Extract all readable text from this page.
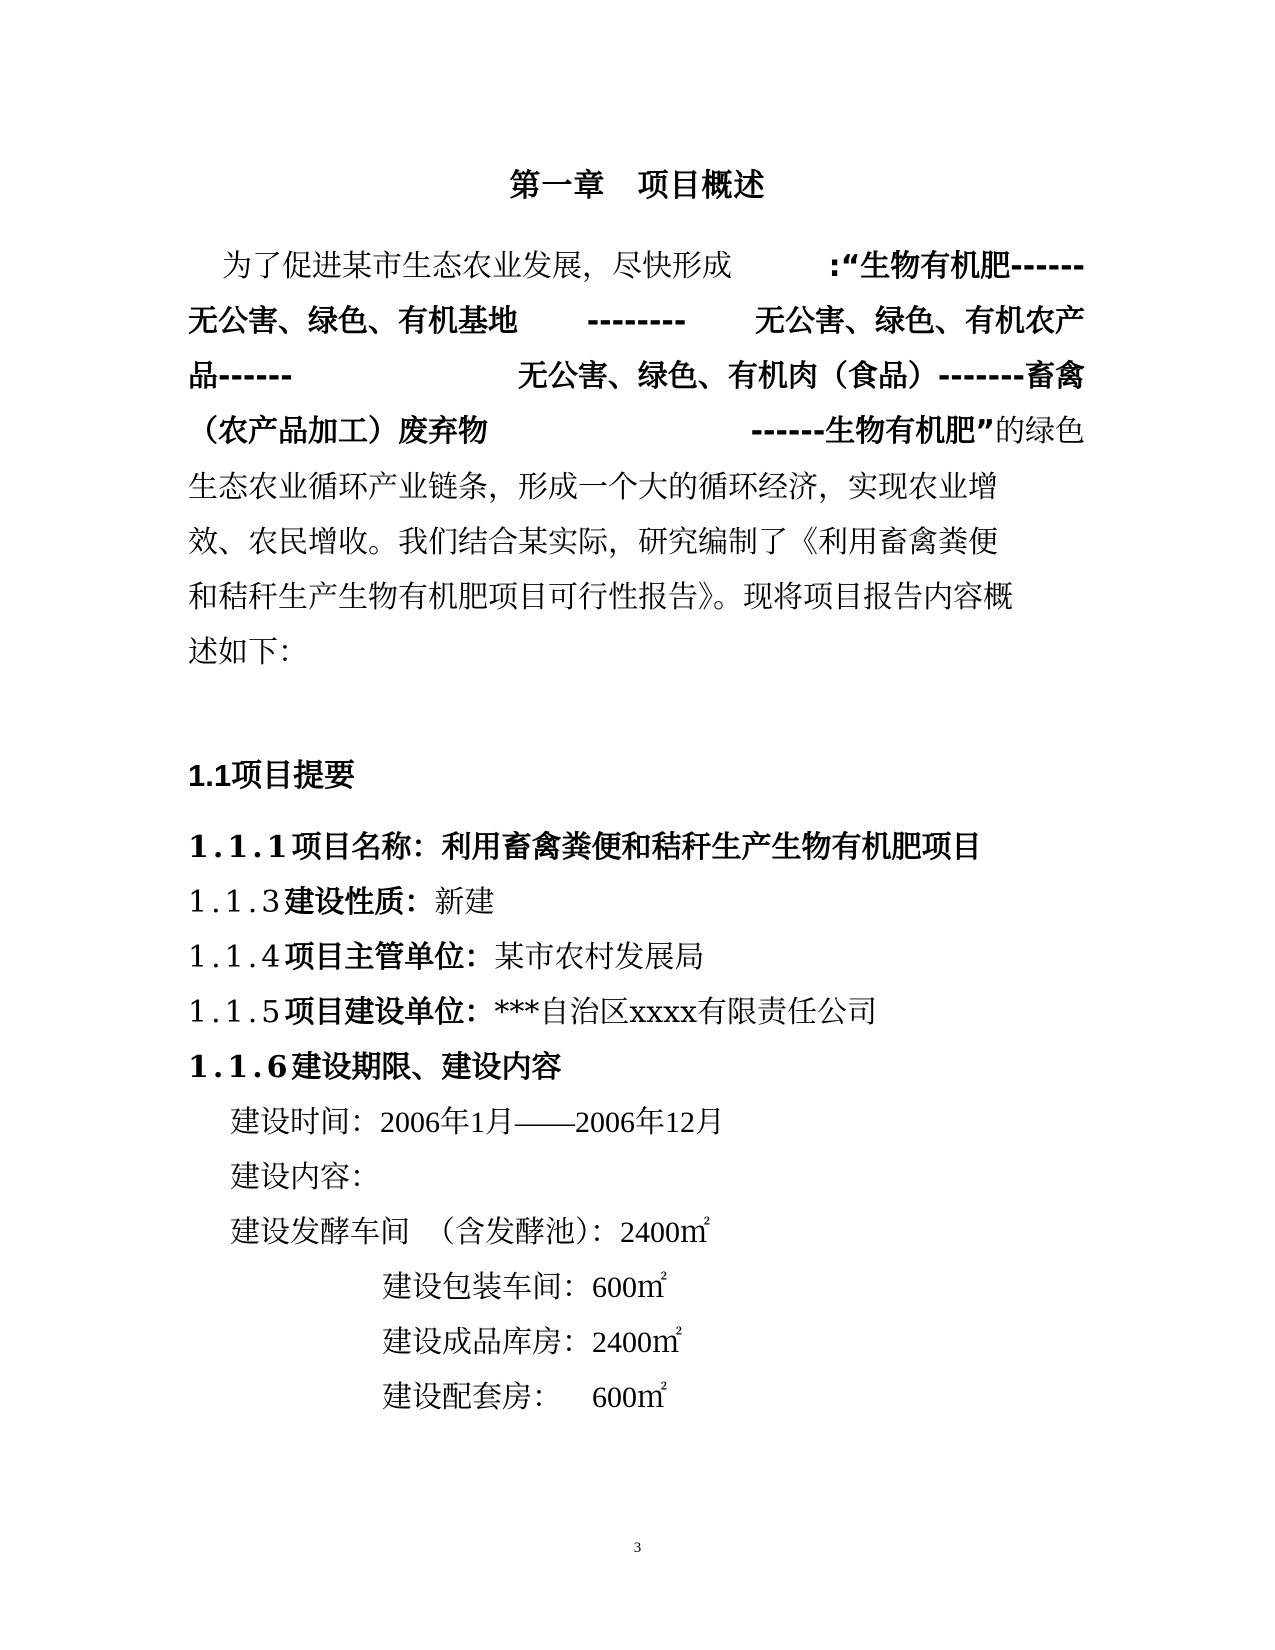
第一章　项目概述
为了促进某市生态农业发展，尽快形成	:“生物有机肥------
无公害、绿色、有机基地 -------- 无公害、绿色、有机农产
品------	无公害、绿色、有机肉（食品）-------畜禽
（农产品加工）废弃物	------生物有机肥” 的绿色
生态农业循环产业链条，形成一个大的循环经济，实现农业增
效、农民增收。我们结合某实际，研究编制了《利用畜禽粪便
和秸秆生产生物有机肥项目可行性报告》。现将项目报告内容概
述如下：
1.1项目提要
1.1.1项目名称：利用畜禽粪便和秸秆生产生物有机肥项目
1.1.3建设性质：新建
1.1.4项目主管单位：某市农村发展局
1.1.5项目建设单位：***自治区xxxx有限责任公司
1.1.6建设期限、建设内容
建设时间：2006年1月——2006年12月
建设内容：
建设发酵车间　（含发酵池）：2400㎡
建设包装车间：600㎡
建设成品库房：2400㎡
建设配套房： 600㎡
3
